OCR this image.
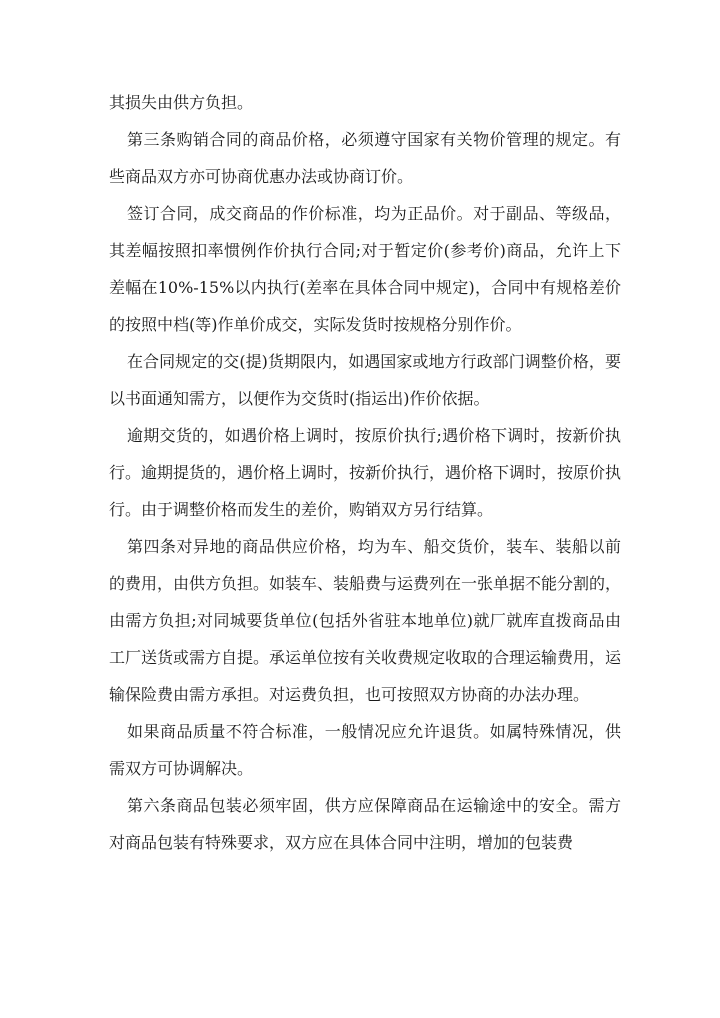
其损失由供方负担。

第三条购销合同的商品价格，必须遵守国家有关物价管理的规定。有些商品双方亦可协商优惠办法或协商订价。

签订合同，成交商品的作价标准，均为正品价。对于副品、等级品，其差幅按照扣率惯例作价执行合同;对于暂定价(参考价)商品，允许上下差幅在10%-15%以内执行(差率在具体合同中规定)，合同中有规格差价的按照中档(等)作单价成交，实际发货时按规格分别作价。

在合同规定的交(提)货期限内，如遇国家或地方行政部门调整价格，要以书面通知需方，以便作为交货时(指运出)作价依据。

逾期交货的，如遇价格上调时，按原价执行;遇价格下调时，按新价执行。逾期提货的，遇价格上调时，按新价执行，遇价格下调时，按原价执行。由于调整价格而发生的差价，购销双方另行结算。

第四条对异地的商品供应价格，均为车、船交货价，装车、装船以前的费用，由供方负担。如装车、装船费与运费列在一张单据不能分割的，由需方负担;对同城要货单位(包括外省驻本地单位)就厂就库直拨商品由工厂送货或需方自提。承运单位按有关收费规定收取的合理运输费用，运输保险费由需方承担。对运费负担，也可按照双方协商的办法办理。

如果商品质量不符合标准，一般情况应允许退货。如属特殊情况，供需双方可协调解决。

第六条商品包装必须牢固，供方应保障商品在运输途中的安全。需方对商品包装有特殊要求，双方应在具体合同中注明，增加的包装费
